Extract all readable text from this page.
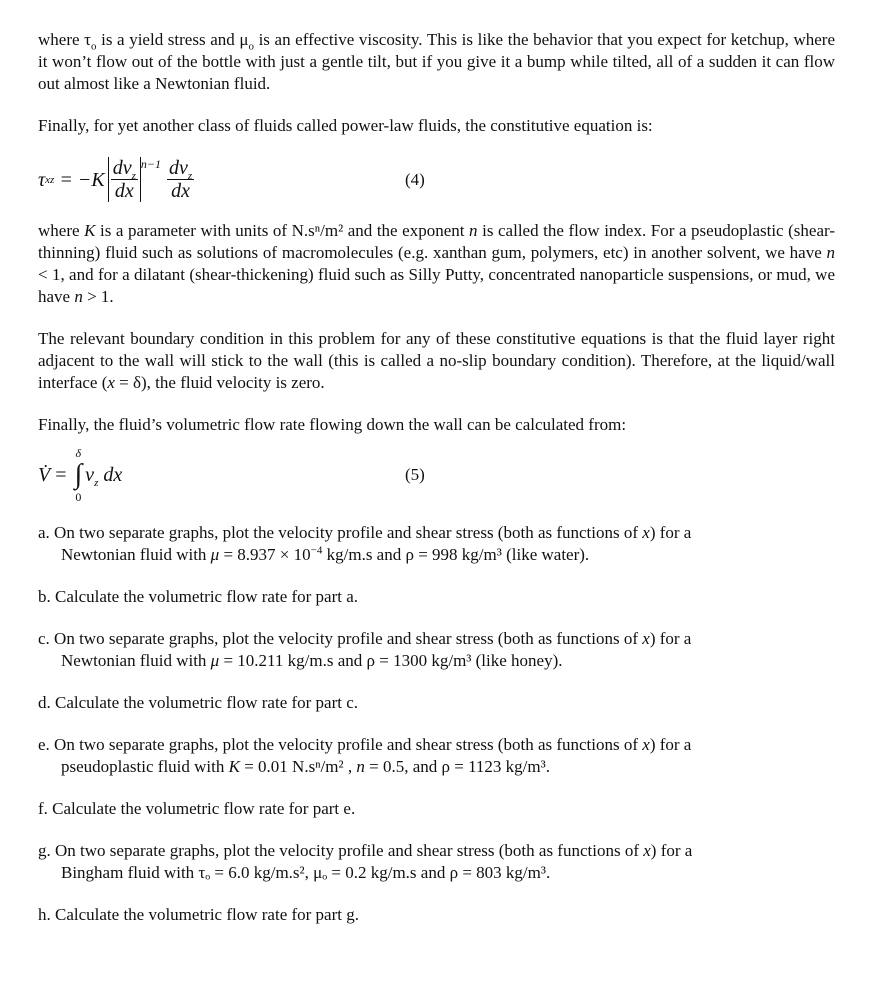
where $\tau_o$ is a yield stress and $\mu_o$ is an effective viscosity. This is like the behavior that you expect for ketchup, where it won’t flow out of the bottle with just a gentle tilt, but if you give it a bump while tilted, all of a sudden it can flow out almost like a Newtonian fluid.
Finally, for yet another class of fluids called power-law fluids, the constitutive equation is:
τ xz = $-K \frac{dv_z}{dx} n-1 \frac{dv_z}{dx}$	(4)
where K is a parameter with units of N.sⁿ/m² and the exponent n is called the flow index. For a pseudoplastic (shear-thinning) fluid such as solutions of macromolecules (e.g. xanthan gum, polymers, etc) in another solvent, we have n < 1, and for a dilatant (shear-thickening) fluid such as Silly Putty, concentrated nanoparticle suspensions, or mud, we have n > 1.
The relevant boundary condition in this problem for any of these constitutive equations is that the fluid layer right adjacent to the wall will stick to the wall (this is called a no-slip boundary condition). Therefore, at the liquid/wall interface (x = δ), the fluid velocity is zero.
Finally, the fluid’s volumetric flow rate flowing down the wall can be calculated from:
V̇ =
δ
∫
0
$v_z$ dx	(5)
a. On two separate graphs, plot the velocity profile and shear stress (both as functions of x) for a
Newtonian fluid with $\mu = 8.937 \times 10^{-4}$ kg/m.s and ρ = 998 kg/m³ (like water).
b. Calculate the volumetric flow rate for part a.
c. On two separate graphs, plot the velocity profile and shear stress (both as functions of x) for a
Newtonian fluid with μ = 10.211 kg/m.s and ρ = 1300 kg/m³ (like honey).
d. Calculate the volumetric flow rate for part c.
e. On two separate graphs, plot the velocity profile and shear stress (both as functions of x) for a
pseudoplastic fluid with K = 0.01 N.sⁿ/m² , n = 0.5, and ρ = 1123 kg/m³.
f. Calculate the volumetric flow rate for part e.
g. On two separate graphs, plot the velocity profile and shear stress (both as functions of x) for a
Bingham fluid with τₒ = 6.0 kg/m.s², μₒ = 0.2 kg/m.s and ρ = 803 kg/m³.
h. Calculate the volumetric flow rate for part g.
